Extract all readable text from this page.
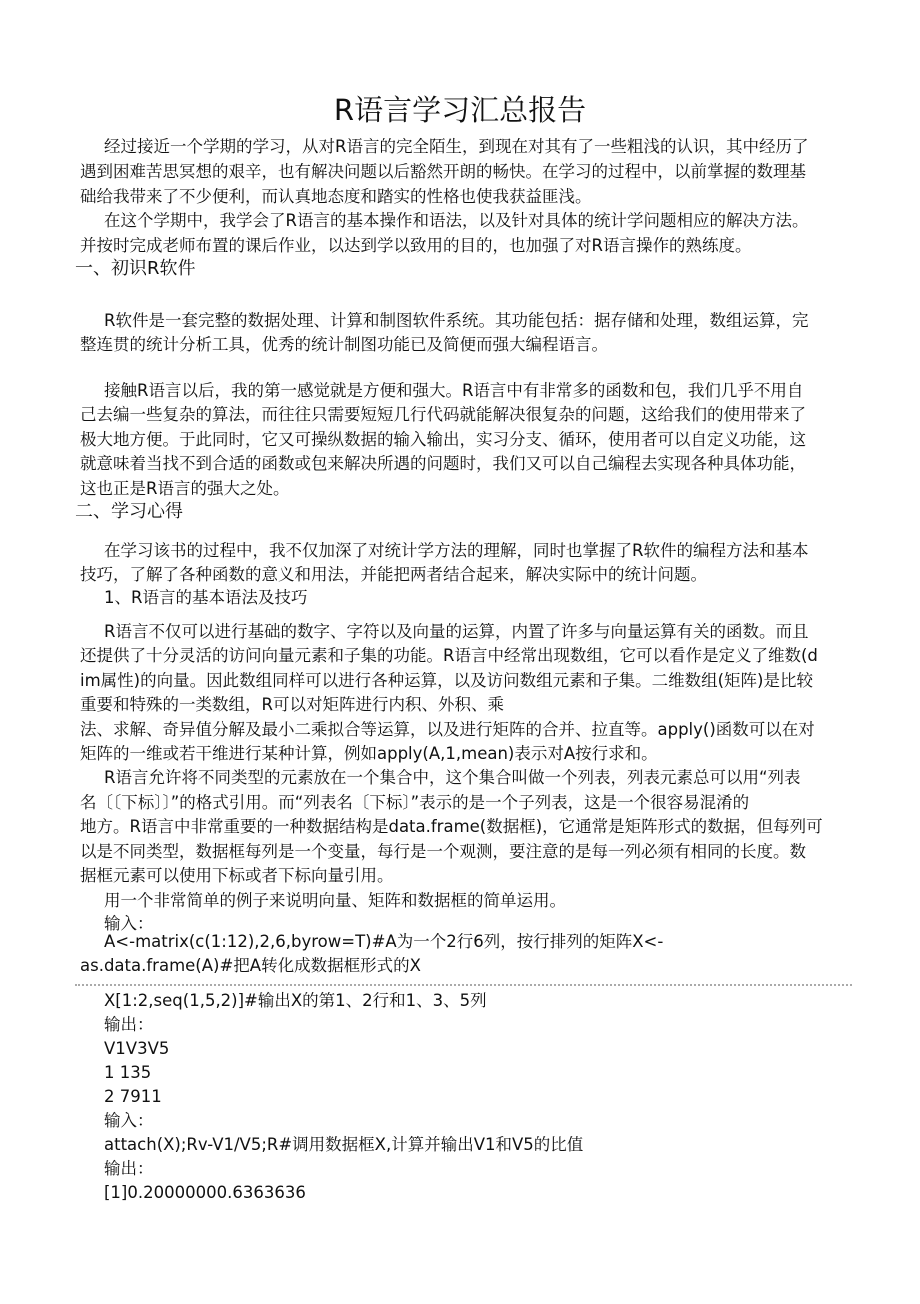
R语言学习汇总报告
经过接近一个学期的学习，从对R语言的完全陌生，到现在对其有了一些粗浅的认识，其中经历了
遇到困难苦思冥想的艰辛，也有解决问题以后豁然开朗的畅快。在学习的过程中，以前掌握的数理基
础给我带来了不少便利，而认真地态度和踏实的性格也使我获益匪浅。
在这个学期中，我学会了R语言的基本操作和语法，以及针对具体的统计学问题相应的解决方法。
并按时完成老师布置的课后作业，以达到学以致用的目的，也加强了对R语言操作的熟练度。
一、初识R软件
R软件是一套完整的数据处理、计算和制图软件系统。其功能包括：据存储和处理，数组运算，完
整连贯的统计分析工具，优秀的统计制图功能已及简便而强大编程语言。
接触R语言以后，我的第一感觉就是方便和强大。R语言中有非常多的函数和包，我们几乎不用自
己去编一些复杂的算法，而往往只需要短短几行代码就能解决很复杂的问题，这给我们的使用带来了
极大地方便。于此同时，它又可操纵数据的输入输出，实习分支、循环，使用者可以自定义功能，这
就意味着当找不到合适的函数或包来解决所遇的问题时，我们又可以自己编程去实现各种具体功能，
这也正是R语言的强大之处。
二、学习心得
在学习该书的过程中，我不仅加深了对统计学方法的理解，同时也掌握了R软件的编程方法和基本
技巧，了解了各种函数的意义和用法，并能把两者结合起来，解决实际中的统计问题。
1、R语言的基本语法及技巧
R语言不仅可以进行基础的数字、字符以及向量的运算，内置了许多与向量运算有关的函数。而且
还提供了十分灵活的访问向量元素和子集的功能。R语言中经常出现数组，它可以看作是定义了维数(d
im属性)的向量。因此数组同样可以进行各种运算，以及访问数组元素和子集。二维数组(矩阵)是比较
重要和特殊的一类数组，R可以对矩阵进行内积、外积、乘
法、求解、奇异值分解及最小二乘拟合等运算，以及进行矩阵的合并、拉直等。apply()函数可以在对
矩阵的一维或若干维进行某种计算，例如apply(A,1,mean)表示对A按行求和。
R语言允许将不同类型的元素放在一个集合中，这个集合叫做一个列表，列表元素总可以用“列表
名〔〔下标〕〕”的格式引用。而“列表名〔下标〕”表示的是一个子列表，这是一个很容易混淆的
地方。R语言中非常重要的一种数据结构是data.frame(数据框)，它通常是矩阵形式的数据，但每列可
以是不同类型，数据框每列是一个变量，每行是一个观测，要注意的是每一列必须有相同的长度。数
据框元素可以使用下标或者下标向量引用。
用一个非常简单的例子来说明向量、矩阵和数据框的简单运用。
输入：
A<-matrix(c(1:12),2,6,byrow=T)#A为一个2行6列，按行排列的矩阵X<-
as.data.frame(A)#把A转化成数据框形式的X
X[1:2,seq(1,5,2)]#输出X的第1、2行和1、3、5列
输出：
V1V3V5
1 135
2 7911
输入：
attach(X);Rv-V1/V5;R#调用数据框X,计算并输出V1和V5的比值
输出：
[1]0.20000000.6363636
